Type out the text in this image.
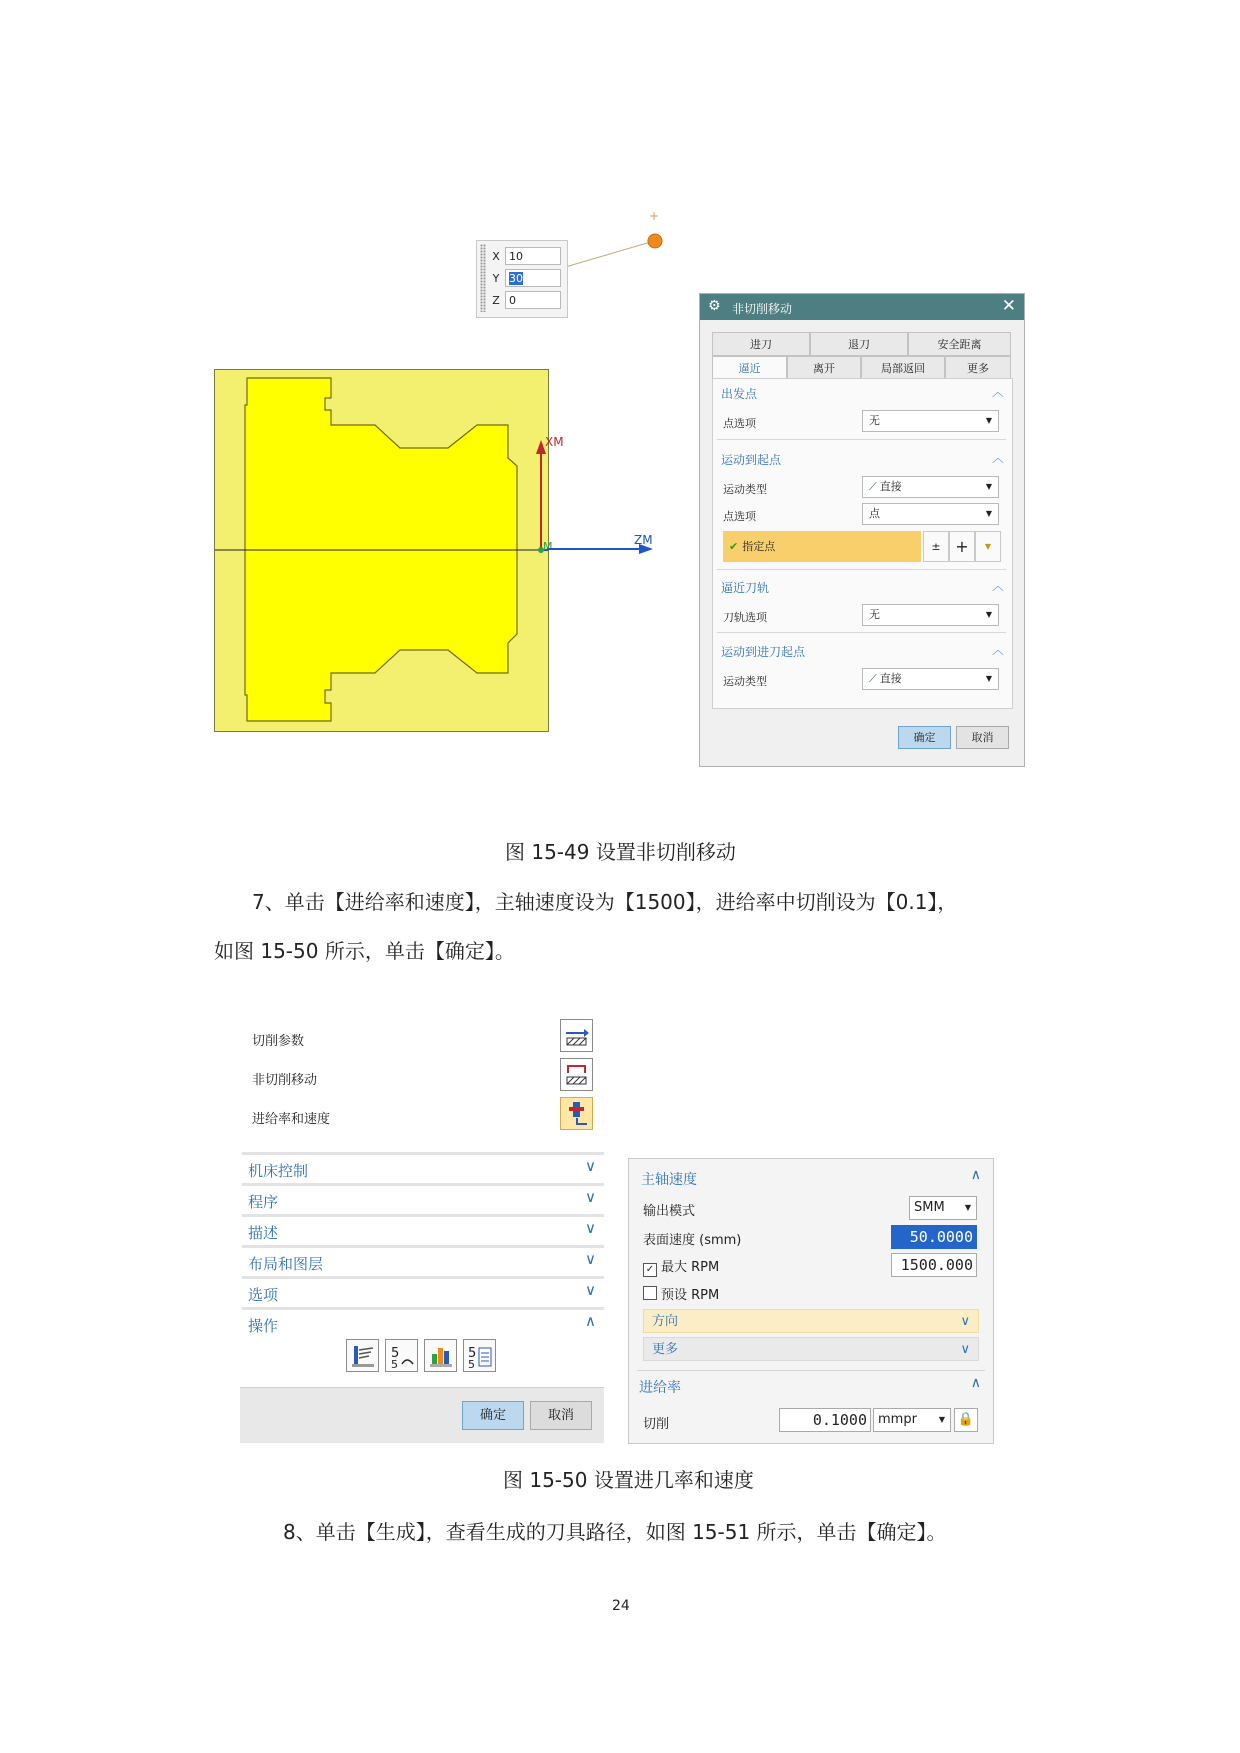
+
X 10
Y 30
Z 0
XM
M	ZM
⚙ 非切削移动	✕
进刀	退刀	安全距离
逼近	离开	局部返回	更多
出发点	︿
点选项	无	▼
运动到起点	︿
运动类型	⟋ 直接	▼
点选项	点	▼
✔ 指定点	± +	▼
逼近刀轨	︿
刀轨选项	无	▼
运动到进刀起点	︿
运动类型	⟋ 直接	▼
确定	取消
图 15-49 设置非切削移动
7、单击【进给率和速度】，主轴速度设为【1500】，进给率中切削设为【0.1】，
如图 15-50 所示，单击【确定】。
切削参数
非切削移动
进给率和速度
机床控制	∨
程序	∨
描述	∨
布局和图层	∨
选项	∨
操作	∧
5
5
5
5
确定	取消
主轴速度	∧
输出模式	SMM	▼
表面速度 (smm)	50.0000
✓ 最大 RPM	1500.000
预设 RPM
方向	∨
更多	∨
进给率	∧
切削	0.1000 mmpr	▼ 🔒
图 15-50 设置进几率和速度
8、单击【生成】，查看生成的刀具路径，如图 15-51 所示，单击【确定】。
24
